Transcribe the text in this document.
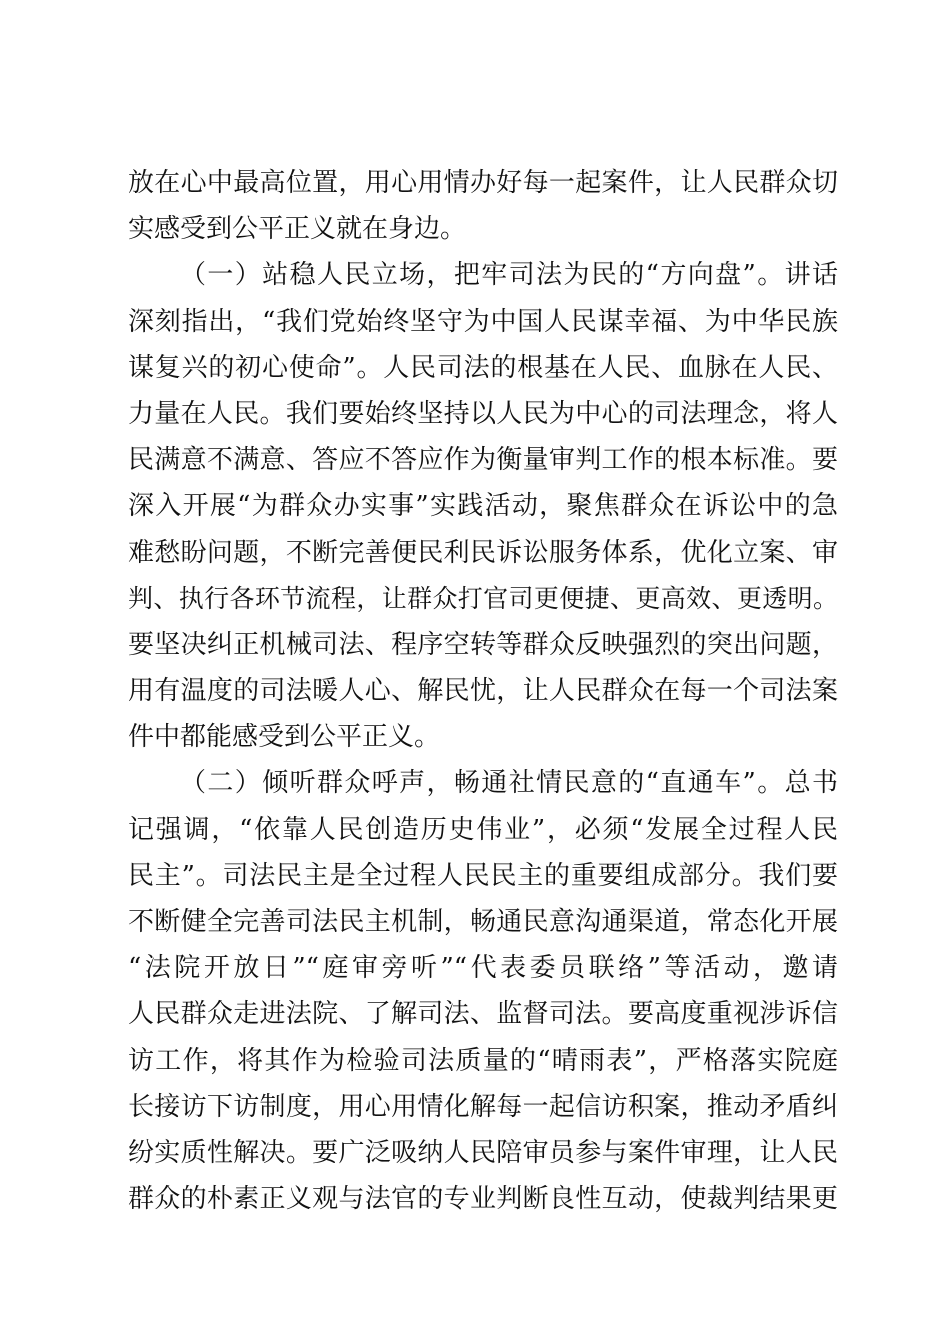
放在心中最高位置，用心用情办好每一起案件，让人民群众切
实感受到公平正义就在身边。
（一）站稳人民立场，把牢司法为民的“方向盘”。讲话
深刻指出，“我们党始终坚守为中国人民谋幸福、为中华民族
谋复兴的初心使命”。人民司法的根基在人民、血脉在人民、
力量在人民。我们要始终坚持以人民为中心的司法理念，将人
民满意不满意、答应不答应作为衡量审判工作的根本标准。要
深入开展“为群众办实事”实践活动，聚焦群众在诉讼中的急
难愁盼问题，不断完善便民利民诉讼服务体系，优化立案、审
判、执行各环节流程，让群众打官司更便捷、更高效、更透明。
要坚决纠正机械司法、程序空转等群众反映强烈的突出问题，
用有温度的司法暖人心、解民忧，让人民群众在每一个司法案
件中都能感受到公平正义。
（二）倾听群众呼声，畅通社情民意的“直通车”。总书
记强调，“依靠人民创造历史伟业”，必须“发展全过程人民
民主”。司法民主是全过程人民民主的重要组成部分。我们要
不断健全完善司法民主机制，畅通民意沟通渠道，常态化开展
“法院开放日”“庭审旁听”“代表委员联络”等活动，邀请
人民群众走进法院、了解司法、监督司法。要高度重视涉诉信
访工作，将其作为检验司法质量的“晴雨表”，严格落实院庭
长接访下访制度，用心用情化解每一起信访积案，推动矛盾纠
纷实质性解决。要广泛吸纳人民陪审员参与案件审理，让人民
群众的朴素正义观与法官的专业判断良性互动，使裁判结果更
